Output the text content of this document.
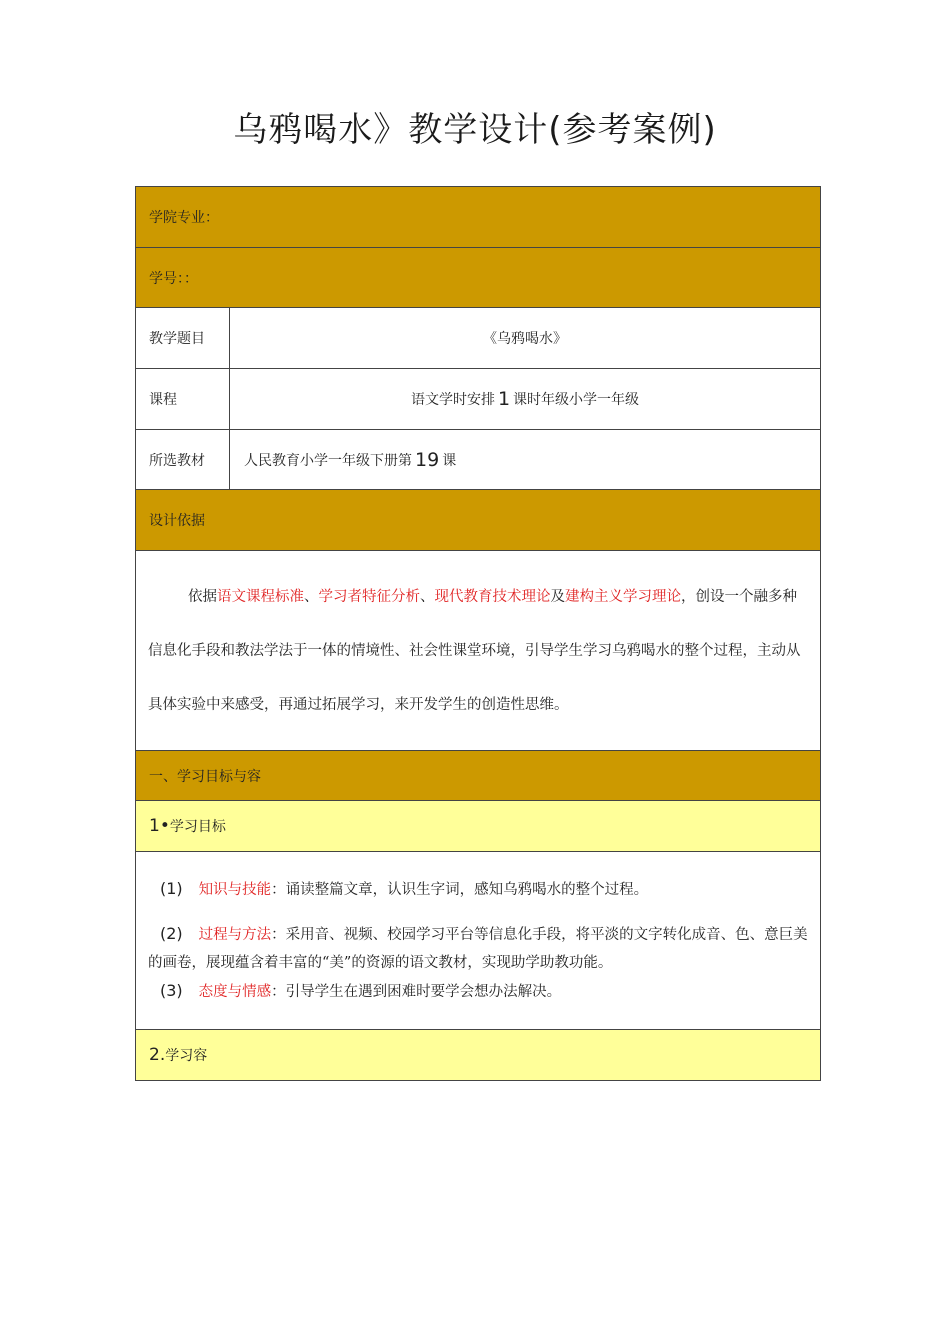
乌鸦喝水》教学设计(参考案例)
学院专业：
学号：：
教学题目	《乌鸦喝水》
课程	语文学时安排 1 课时年级小学一年级
所选教材	人民教育小学一年级下册第 19 课
设计依据
依据语文课程标准、学习者特征分析、现代教育技术理论及建构主义学习理论，创设一个融多种信息化手段和教法学法于一体的情境性、社会性课堂环境，引导学生学习乌鸦喝水的整个过程，主动从具体实验中来感受，再通过拓展学习，来开发学生的创造性思维。
一、学习目标与容
1•学习目标
(1) 知识与技能：诵读整篇文章，认识生字词，感知乌鸦喝水的整个过程。
(2) 过程与方法：采用音、视频、校园学习平台等信息化手段，将平淡的文字转化成音、色、意巨美的画卷，展现蕴含着丰富的“美”的资源的语文教材，实现助学助教功能。
(3) 态度与情感：引导学生在遇到困难时要学会想办法解决。
2.学习容
